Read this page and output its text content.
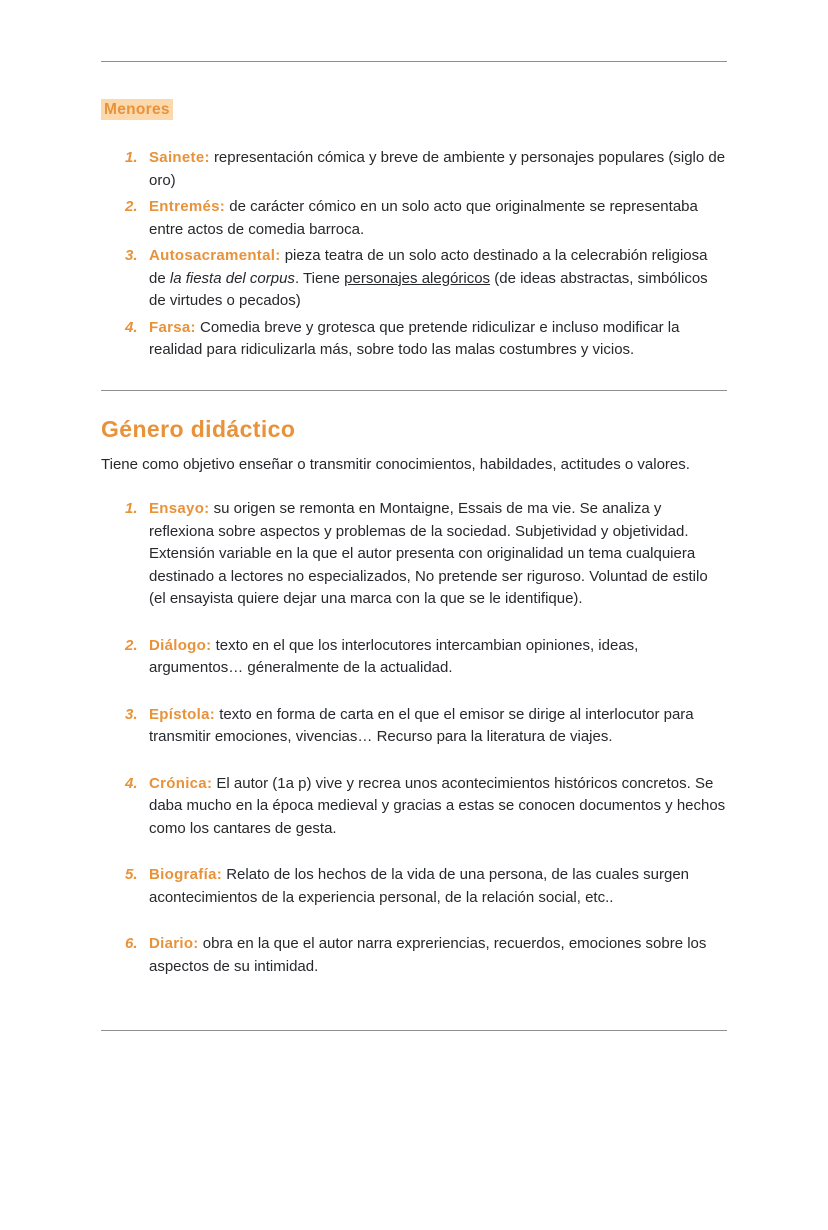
Menores
1. Sainete: representación cómica y breve de ambiente y personajes populares (siglo de oro)
2. Entremés: de carácter cómico en un solo acto que originalmente se representaba entre actos de comedia barroca.
3. Autosacramental: pieza teatra de un solo acto destinado a la celecrabión religiosa de la fiesta del corpus. Tiene personajes alegóricos (de ideas abstractas, simbólicos de virtudes o pecados)
4. Farsa: Comedia breve y grotesca que pretende ridiculizar e incluso modificar la realidad para ridiculizarla más, sobre todo las malas costumbres y vicios.
Género didáctico

Tiene como objetivo enseñar o transmitir conocimientos, habildades, actitudes o valores.

1. Ensayo: su origen se remonta en Montaigne, Essais de ma vie. Se analiza y reflexiona sobre aspectos y problemas de la sociedad. Subjetividad y objetividad. Extensión variable en la que el autor presenta con originalidad un tema cualquiera destinado a lectores no especializados, No pretende ser riguroso. Voluntad de estilo (el ensayista quiere dejar una marca con la que se le identifique).
2. Diálogo: texto en el que los interlocutores intercambian opiniones, ideas, argumentos… géneralmente de la actualidad.
3. Epístola: texto en forma de carta en el que el emisor se dirige al interlocutor para transmitir emociones, vivencias… Recurso para la literatura de viajes.
4. Crónica: El autor (1a p) vive y recrea unos acontecimientos históricos concretos. Se daba mucho en la época medieval y gracias a estas se conocen documentos y hechos como los cantares de gesta.
5. Biografía: Relato de los hechos de la vida de una persona, de las cuales surgen acontecimientos de la experiencia personal, de la relación social, etc..
6. Diario: obra en la que el autor narra expreriencias, recuerdos, emociones sobre los aspectos de su intimidad.
